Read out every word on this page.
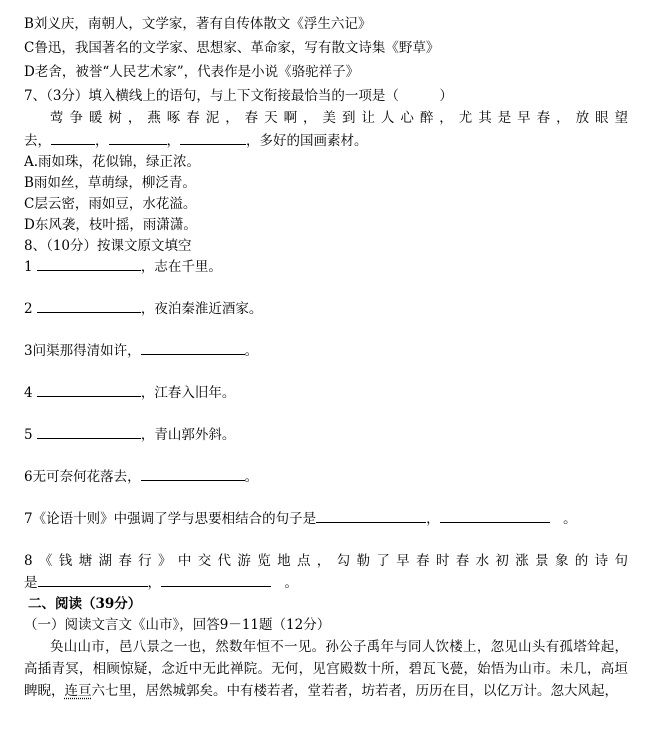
B刘义庆，南朝人，文学家，著有自传体散文《浮生六记》
C鲁迅，我国著名的文学家、思想家、革命家，写有散文诗集《野草》
D老舍，被誉“人民艺术家”，代表作是小说《骆驼祥子》
7、（3分）填入横线上的语句，与上下文衔接最恰当的一项是（　　　）
莺争暖树，燕啄春泥，春天啊，美到让人心醉，尤其是早春，放眼望
去，	，	，	，多好的国画素材。
A.雨如珠，花似锦，绿正浓。
B雨如丝，草萌绿，柳泛青。
C层云密，雨如豆，水花溢。
D东风袭，枝叶摇，雨潇潇。
8、（10分）按课文原文填空
1	，志在千里。
2	，夜泊秦淮近酒家。
3问渠那得清如许，	。
4	，江春入旧年。
5	，青山郭外斜。
6无可奈何花落去，	。
7《论语十则》中强调了学与思要相结合的句子是	，　	。
8《钱塘湖春行》中交代游览地点，勾勒了早春时春水初涨景象的诗句
是	，　	。
二、阅读（39分）
（一）阅读文言文《山市》，回答9－11题（12分）
奂山山市，邑八景之一也，然数年恒不一见。孙公子禹年与同人饮楼上，忽见山头有孤塔耸起，
高插青冥，相顾惊疑，念近中无此禅院。无何，见宫殿数十所，碧瓦飞甍，始悟为山市。未几，高垣
睥睨，连亘六七里，居然城郭矣。中有楼若者，堂若者，坊若者，历历在目，以亿万计。忽大风起，
